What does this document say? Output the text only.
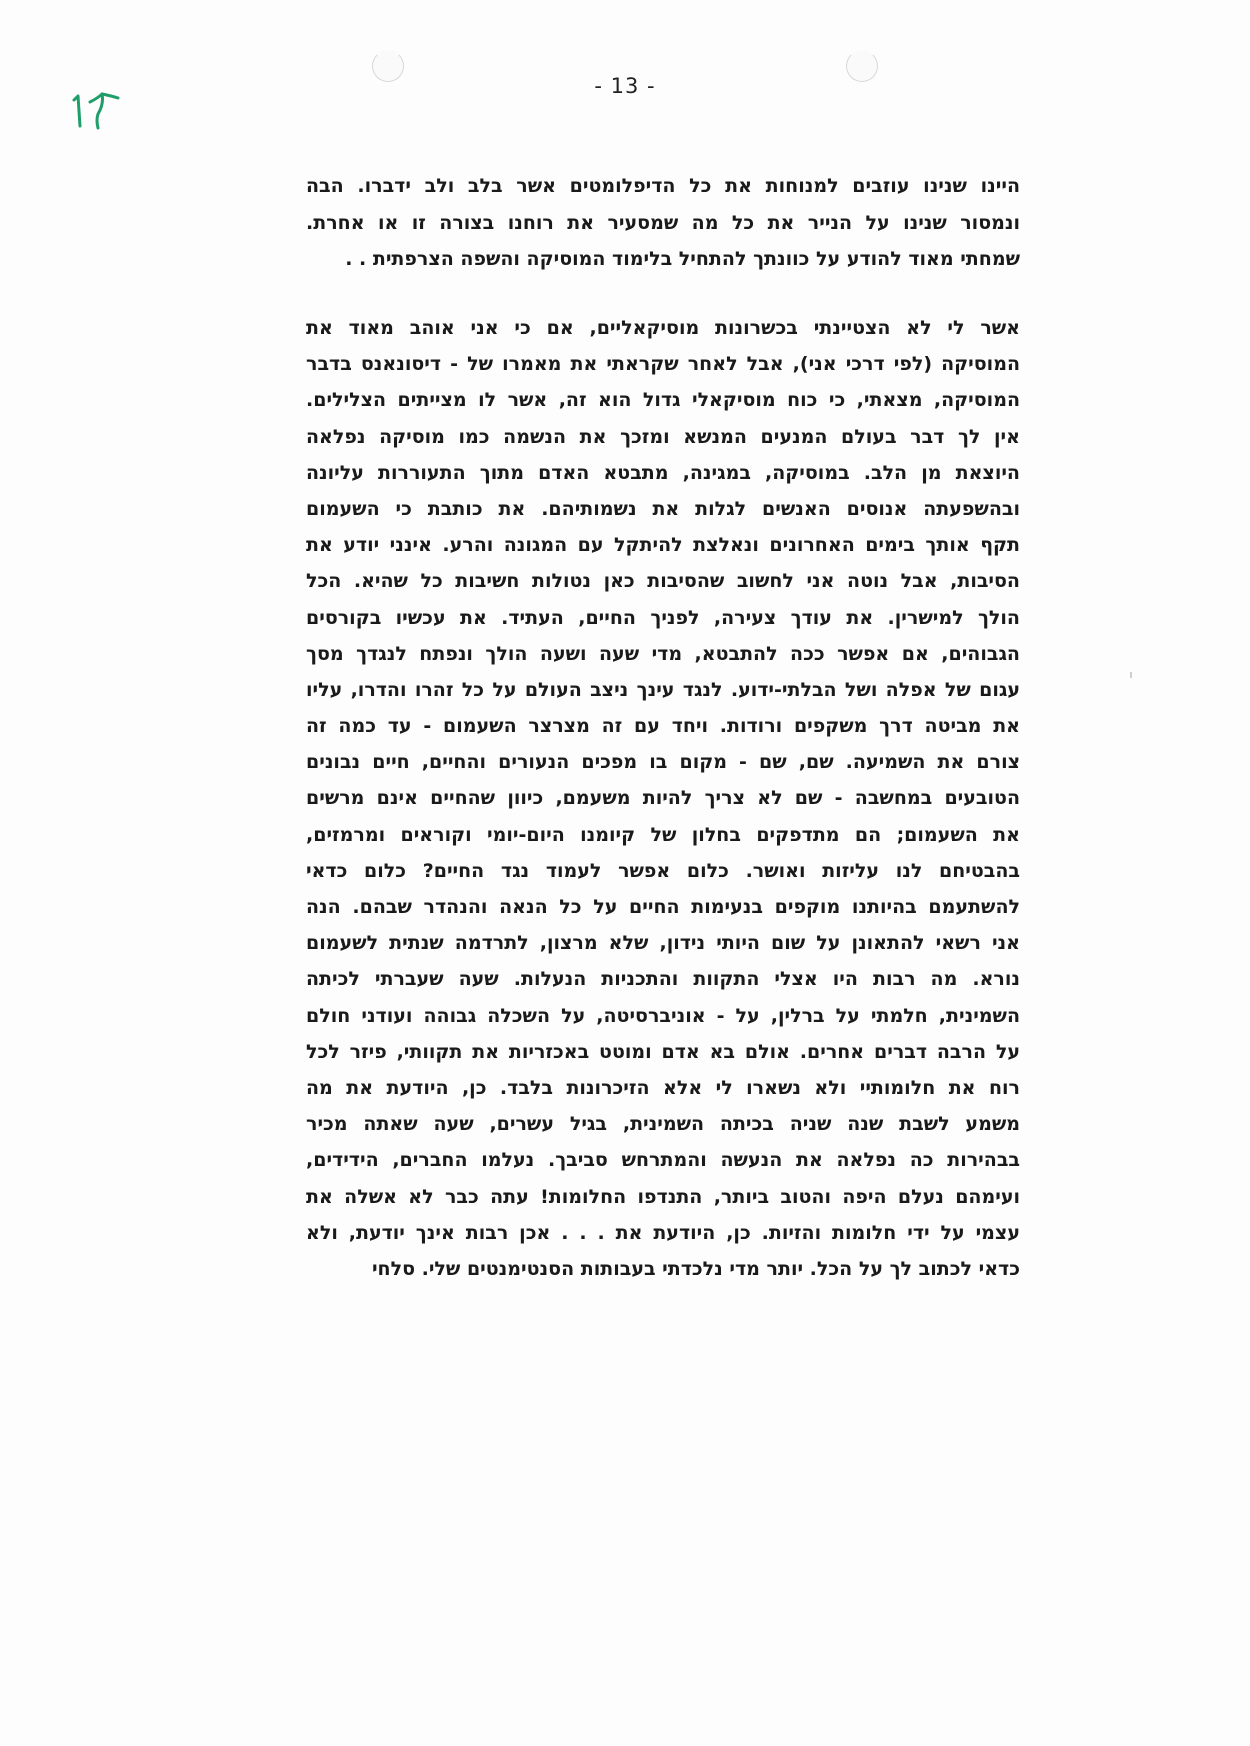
- 13 -
היינו שנינו עוזבים למנוחות את כל הדיפלומטים אשר בלב ולב ידברו. הבה
ונמסור שנינו על הנייר את כל מה שמסעיר את רוחנו בצורה זו או אחרת.
שמחתי מאוד להודע על כוונתך להתחיל בלימוד המוסיקה והשפה הצרפתית . .
אשר לי לא הצטיינתי בכשרונות מוסיקאליים, אם כי אני אוהב מאוד את
המוסיקה (לפי דרכי אני), אבל לאחר שקראתי את מאמרו של - דיסונאנס בדבר
המוסיקה, מצאתי, כי כוח מוסיקאלי גדול הוא זה, אשר לו מצייתים הצלילים.
אין לך דבר בעולם המנעים המנשא ומזכך את הנשמה כמו מוסיקה נפלאה
היוצאת מן הלב. במוסיקה, במגינה, מתבטא האדם מתוך התעוררות עליונה
ובהשפעתה אנוסים האנשים לגלות את נשמותיהם. את כותבת כי השעמום
תקף אותך בימים האחרונים ונאלצת להיתקל עם המגונה והרע. אינני יודע את
הסיבות, אבל נוטה אני לחשוב שהסיבות כאן נטולות חשיבות כל שהיא. הכל
הולך למישרין. את עודך צעירה, לפניך החיים, העתיד. את עכשיו בקורסים
הגבוהים, אם אפשר ככה להתבטא, מדי שעה ושעה הולך ונפתח לנגדך מסך
עגום של אפלה ושל הבלתי-ידוע. לנגד עינך ניצב העולם על כל זהרו והדרו, עליו
את מביטה דרך משקפים ורודות. ויחד עם זה מצרצר השעמום - עד כמה זה
צורם את השמיעה. שם, שם - מקום בו מפכים הנעורים והחיים, חיים נבונים
הטובעים במחשבה - שם לא צריך להיות משעמם, כיוון שהחיים אינם מרשים
את השעמום; הם מתדפקים בחלון של קיומנו היום-יומי וקוראים ומרמזים,
בהבטיחם לנו עליזות ואושר. כלום אפשר לעמוד נגד החיים? כלום כדאי
להשתעמם בהיותנו מוקפים בנעימות החיים על כל הנאה והנהדר שבהם. הנה
אני רשאי להתאונן על שום היותי נידון, שלא מרצון, לתרדמה שנתית לשעמום
נורא. מה רבות היו אצלי התקוות והתכניות הנעלות. שעה שעברתי לכיתה
השמינית, חלמתי על ברלין, על - אוניברסיטה, על השכלה גבוהה ועודני חולם
על הרבה דברים אחרים. אולם בא אדם ומוטט באכזריות את תקוותי, פיזר לכל
רוח את חלומותיי ולא נשארו לי אלא הזיכרונות בלבד. כן, היודעת את מה
משמע לשבת שנה שניה בכיתה השמינית, בגיל עשרים, שעה שאתה מכיר
בבהירות כה נפלאה את הנעשה והמתרחש סביבך. נעלמו החברים, הידידים,
ועימהם נעלם היפה והטוב ביותר, התנדפו החלומות! עתה כבר לא אשלה את
עצמי על ידי חלומות והזיות. כן, היודעת את . . . אכן רבות אינך יודעת, ולא
כדאי לכתוב לך על הכל. יותר מדי נלכדתי בעבותות הסנטימנטים שלי. סלחי
